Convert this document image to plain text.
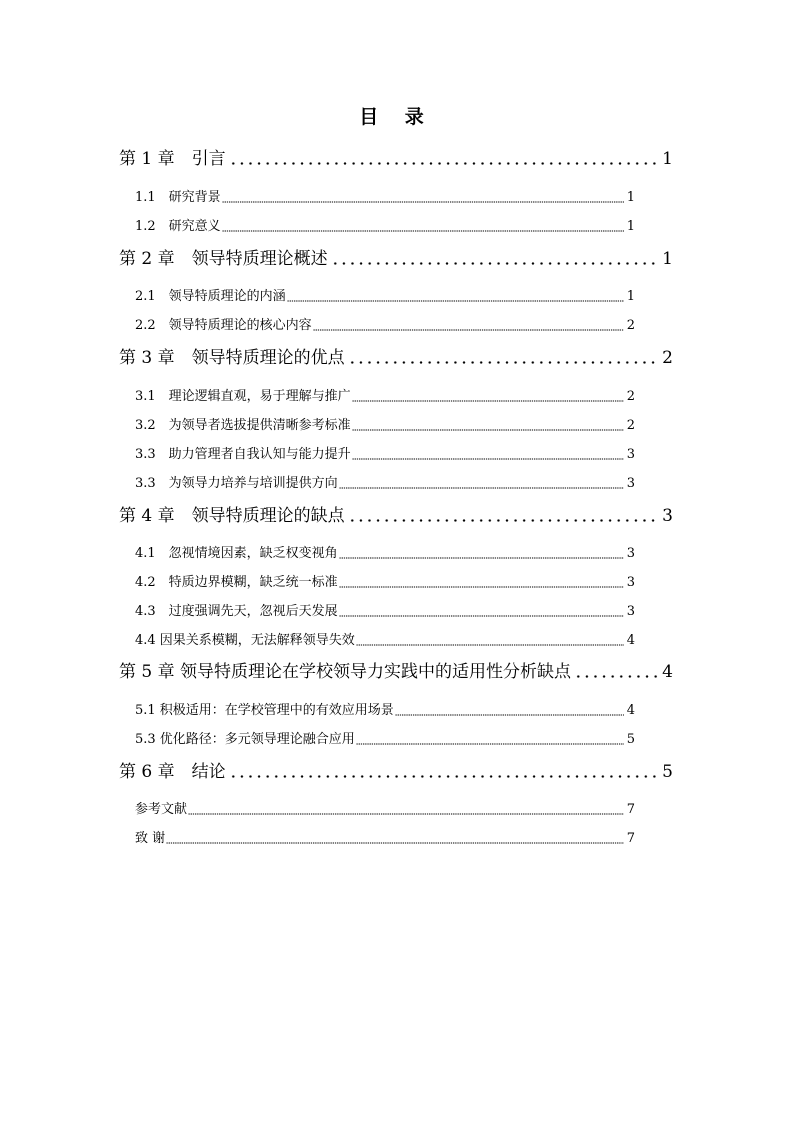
目 录
第 1 章　引言	1
1.1　研究背景	1
1.2　研究意义	1
第 2 章　领导特质理论概述	1
2.1　领导特质理论的内涵	1
2.2　领导特质理论的核心内容	2
第 3 章　领导特质理论的优点	2
3.1　理论逻辑直观，易于理解与推广	2
3.2　为领导者选拔提供清晰参考标准	2
3.3　助力管理者自我认知与能力提升	3
3.3　为领导力培养与培训提供方向	3
第 4 章　领导特质理论的缺点	3
4.1　忽视情境因素，缺乏权变视角	3
4.2　特质边界模糊，缺乏统一标准	3
4.3　过度强调先天，忽视后天发展	3
4.4 因果关系模糊，无法解释领导失效	4
第 5 章 领导特质理论在学校领导力实践中的适用性分析缺点	4
5.1 积极适用：在学校管理中的有效应用场景	4
5.3 优化路径：多元领导理论融合应用	5
第 6 章　结论	5
参考文献	7
致 谢	7
